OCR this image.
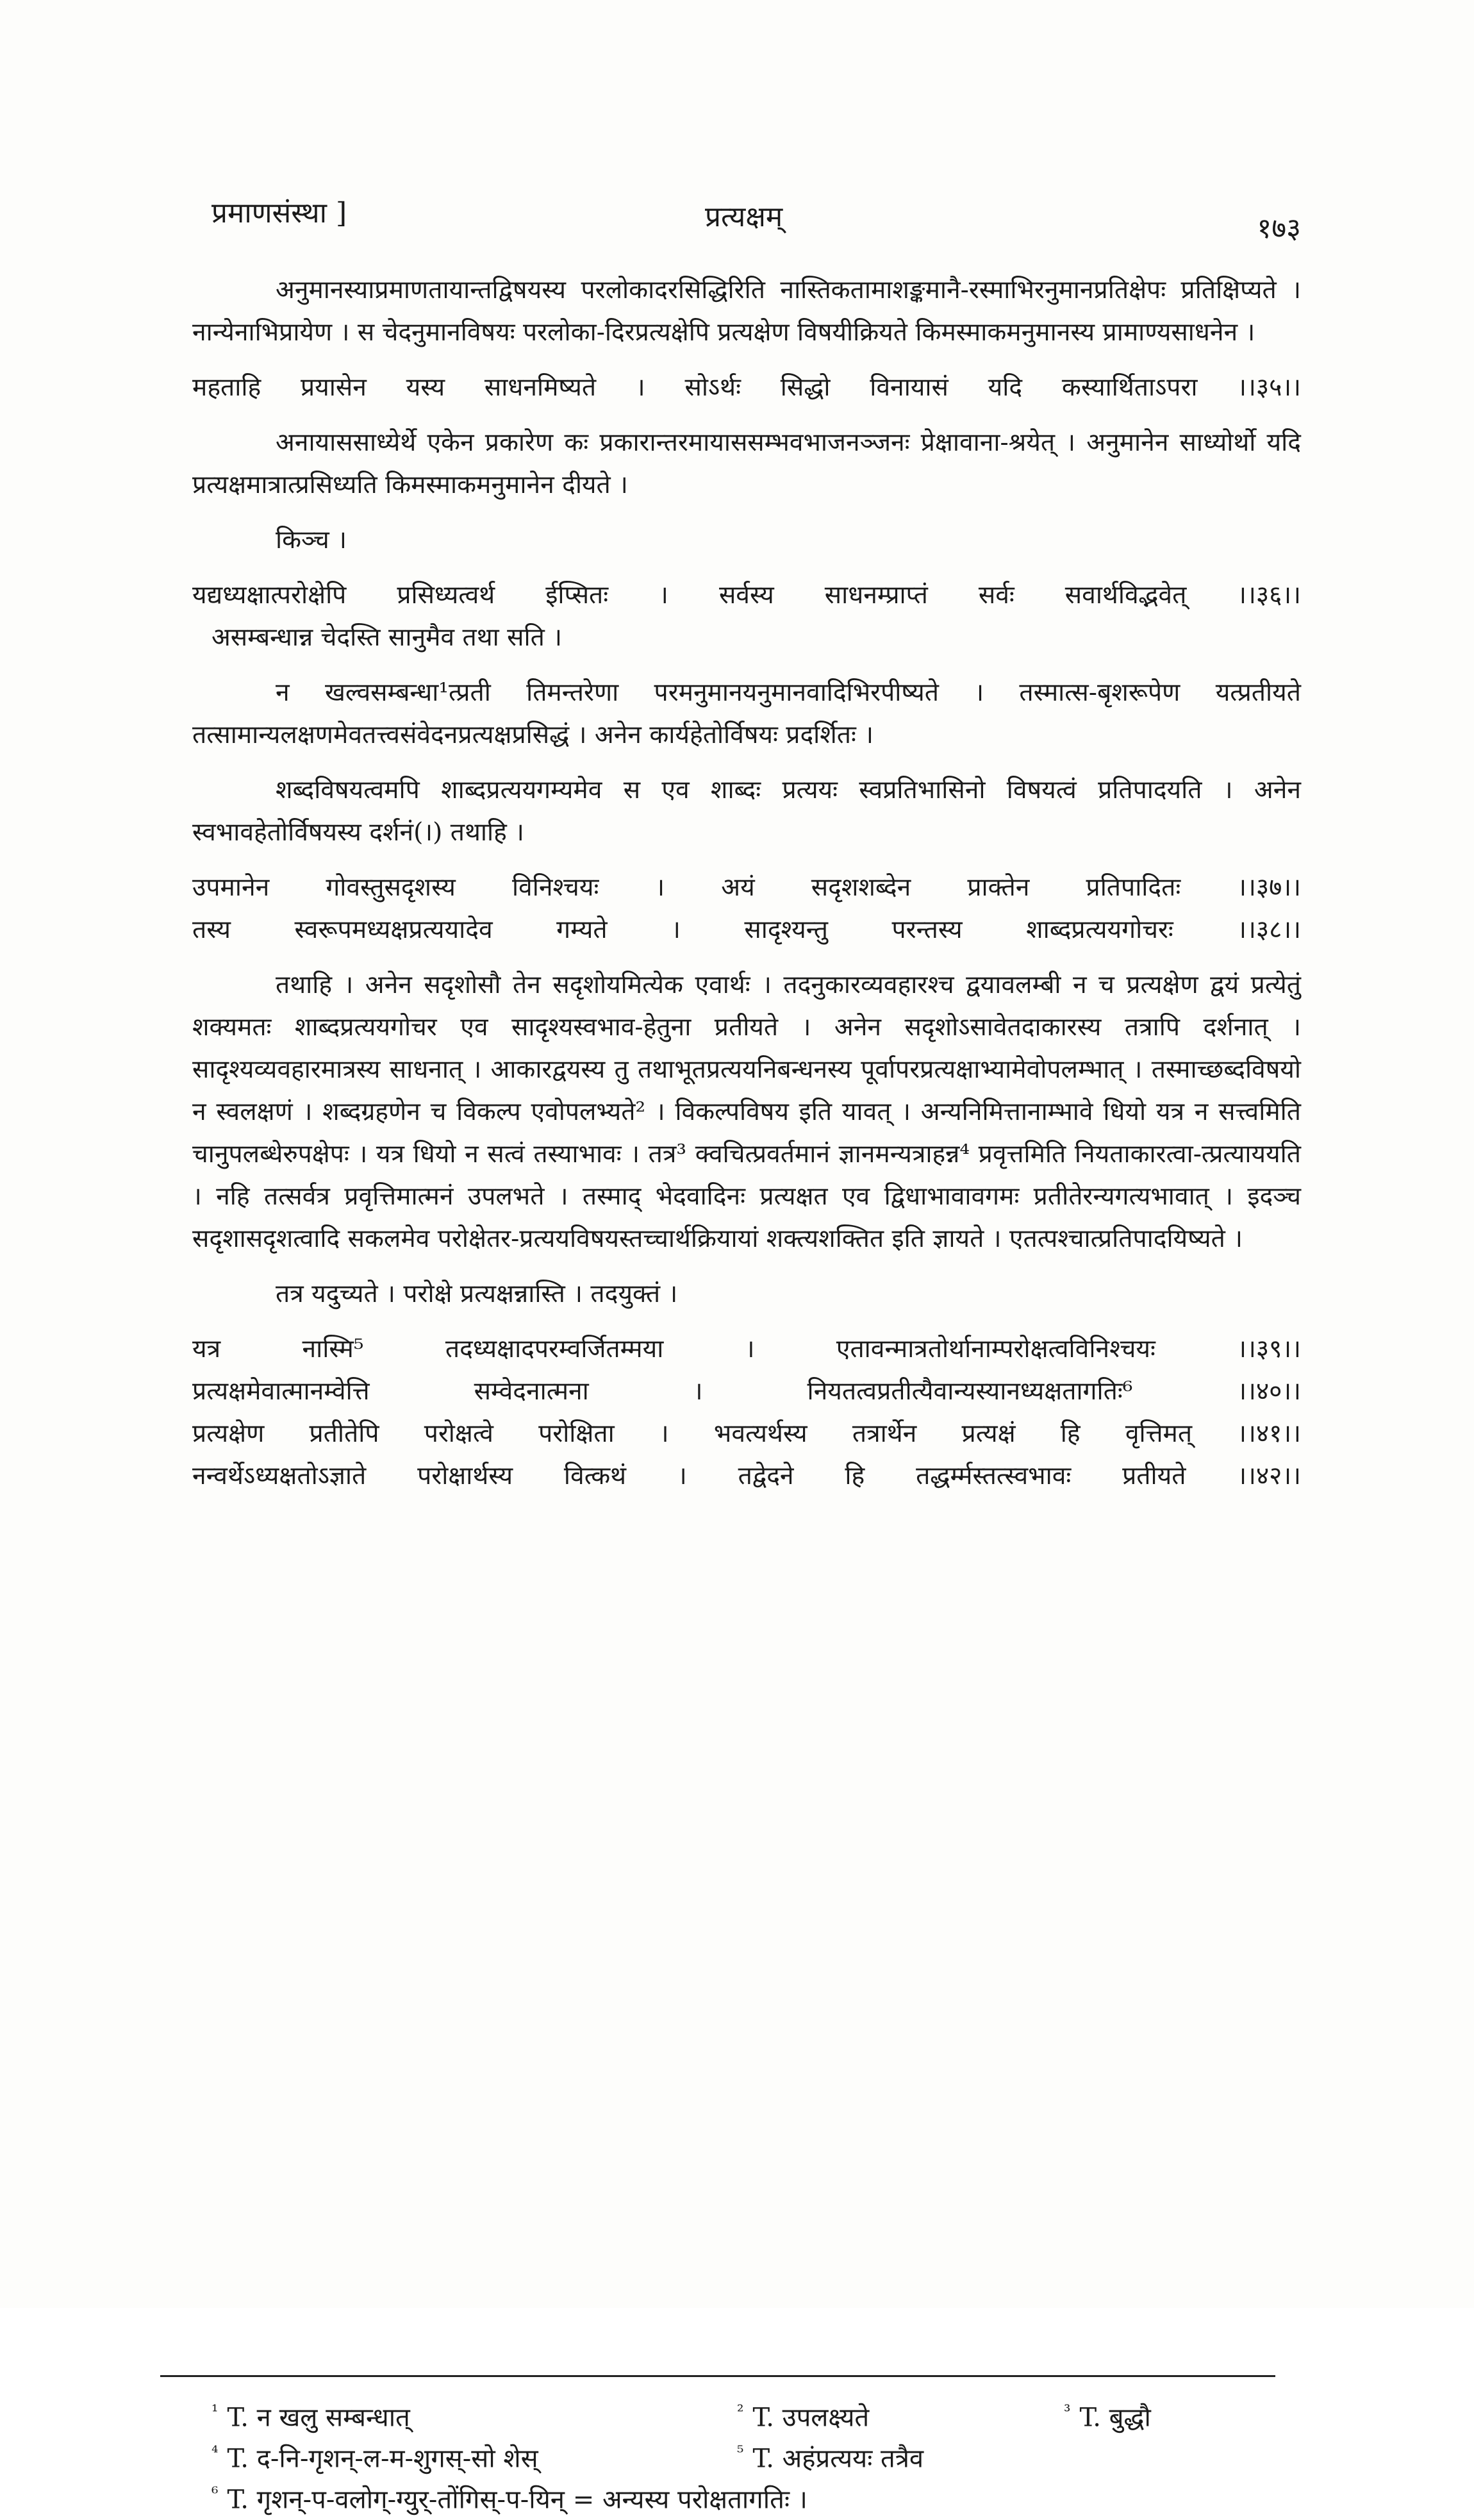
प्रमाणसंस्था ]	प्रत्यक्षम्	१७३

अनुमानस्याप्रमाणतायान्तद्विषयस्य परलोकादरसिद्धिरिति नास्तिकतामाशङ्कमानै-रस्माभिरनुमानप्रतिक्षेपः प्रतिक्षिप्यते । नान्येनाभिप्रायेण । स चेदनुमानविषयः परलोका-दिरप्रत्यक्षेपि प्रत्यक्षेण विषयीक्रियते किमस्माकमनुमानस्य प्रामाण्यसाधनेन ।

महताहि प्रयासेन यस्य साधनमिष्यते । सोऽर्थः सिद्धो विनायासं यदि कस्यार्थिताऽपरा ।।३५।।

अनायाससाध्येर्थे एकेन प्रकारेण कः प्रकारान्तरमायाससम्भवभाजनञ्जनः प्रेक्षावाना-श्रयेत् । अनुमानेन साध्योर्थो यदि प्रत्यक्षमात्रात्प्रसिध्यति किमस्माकमनुमानेन दीयते ।

किञ्च ।

यद्यध्यक्षात्परोक्षेपि प्रसिध्यत्वर्थ ईप्सितः । सर्वस्य साधनम्प्राप्तं सर्वः सवार्थविद्भवेत् ।।३६।।

असम्बन्धान्न चेदस्ति सानुमैव तथा सति ।

न खल्वसम्बन्धा¹त्प्रती तिमन्तरेणा परमनुमानयनुमानवादिभिरपीष्यते । तस्मात्स-बृशरूपेण यत्प्रतीयते तत्सामान्यलक्षणमेवतत्त्वसंवेदनप्रत्यक्षप्रसिद्धं । अनेन कार्यहेतोर्विषयः प्रदर्शितः ।

शब्दविषयत्वमपि शाब्दप्रत्ययगम्यमेव स एव शाब्दः प्रत्ययः स्वप्रतिभासिनो विषयत्वं प्रतिपादयति । अनेन स्वभावहेतोर्विषयस्य दर्शनं(।) तथाहि ।

उपमानेन गोवस्तुसदृशस्य विनिश्चयः । अयं सदृशशब्देन प्राक्तेन प्रतिपादितः ।।३७।।

तस्य स्वरूपमध्यक्षप्रत्ययादेव गम्यते । सादृश्यन्तु परन्तस्य शाब्दप्रत्ययगोचरः ।।३८।।

तथाहि । अनेन सदृशोसौ तेन सदृशोयमित्येक एवार्थः । तदनुकारव्यवहारश्च द्वयावलम्बी न च प्रत्यक्षेण द्वयं प्रत्येतुं शक्यमतः शाब्दप्रत्ययगोचर एव सादृश्यस्वभाव-हेतुना प्रतीयते । अनेन सदृशोऽसावेतदाकारस्य तत्रापि दर्शनात् । सादृश्यव्यवहारमात्रस्य साधनात् । आकारद्वयस्य तु तथाभूतप्रत्ययनिबन्धनस्य पूर्वापरप्रत्यक्षाभ्यामेवोपलम्भात् । तस्माच्छब्दविषयो न स्वलक्षणं । शब्दग्रहणेन च विकल्प एवोपलभ्यते² । विकल्पविषय इति यावत् । अन्यनिमित्तानाम्भावे धियो यत्र न सत्त्वमिति चानुपलब्धेरुपक्षेपः । यत्र धियो न सत्वं तस्याभावः । तत्र³ क्वचित्प्रवर्तमानं ज्ञानमन्यत्राहन्न⁴ प्रवृत्तमिति नियताकारत्वा-त्प्रत्याययति । नहि तत्सर्वत्र प्रवृत्तिमात्मनं उपलभते । तस्माद् भेदवादिनः प्रत्यक्षत एव द्विधाभावावगमः प्रतीतेरन्यगत्यभावात् । इदञ्च सदृशासदृशत्वादि सकलमेव परोक्षेतर-प्रत्ययविषयस्तच्चार्थक्रियायां शक्त्यशक्तित इति ज्ञायते । एतत्पश्चात्प्रतिपादयिष्यते ।

तत्र यदुच्यते । परोक्षे प्रत्यक्षन्नास्ति । तदयुक्तं ।

यत्र नास्मि⁵ तदध्यक्षादपरम्वर्जितम्मया । एतावन्मात्रतोर्थानाम्परोक्षत्वविनिश्चयः ।।३९।।

प्रत्यक्षमेवात्मानम्वेत्ति सम्वेदनात्मना । नियतत्वप्रतीत्यैवान्यस्यानध्यक्षतागतिः⁶ ।।४०।।

प्रत्यक्षेण प्रतीतेपि परोक्षत्वे परोक्षिता । भवत्यर्थस्य तत्रार्थेन प्रत्यक्षं हि वृत्तिमत् ।।४१।।

नन्वर्थेऽध्यक्षतोऽज्ञाते परोक्षार्थस्य वित्कथं । तद्वेदने हि तद्धर्म्मस्तत्स्वभावः प्रतीयते ।।४२।।

$^{^1}$ T. न खलु सम्बन्धात्	$^{^2}$ T. उपलक्ष्यते	$^{^3}$ T. बुद्धौ
$^{^4}$ T. द-नि-गृशन्-ल-म-शुगस्-सो शेस्	$^{^5}$ T. अहंप्रत्ययः तत्रैव
$^{^6}$ T. गृशन्-प-वलोग्-ग्युर्-तोंगिस्-प-यिन् = अन्यस्य परोक्षतागतिः ।
